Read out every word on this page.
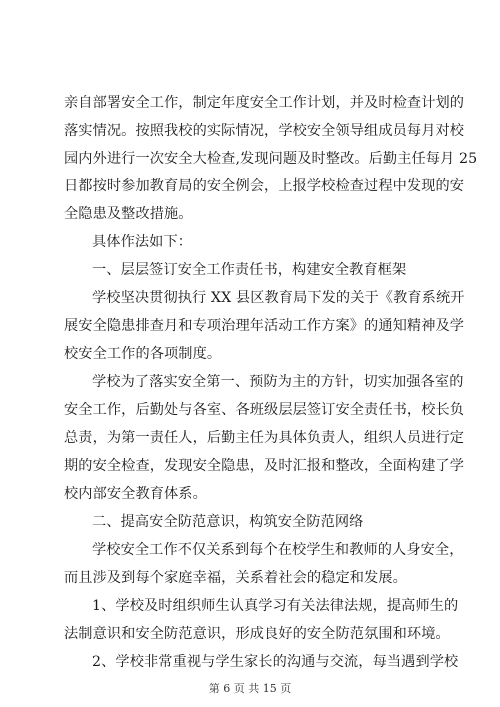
亲自部署安全工作，制定年度安全工作计划，并及时检查计划的
落实情况。按照我校的实际情况，学校安全领导组成员每月对校
园内外进行一次安全大检查,发现问题及时整改。后勤主任每月 25
日都按时参加教育局的安全例会，上报学校检查过程中发现的安
全隐患及整改措施。
具体作法如下：
一、层层签订安全工作责任书，构建安全教育框架
学校坚决贯彻执行 XX 县区教育局下发的关于《教育系统开
展安全隐患排查月和专项治理年活动工作方案》的通知精神及学
校安全工作的各项制度。
学校为了落实安全第一、预防为主的方针，切实加强各室的
安全工作，后勤处与各室、各班级层层签订安全责任书，校长负
总责，为第一责任人，后勤主任为具体负责人，组织人员进行定
期的安全检查，发现安全隐患，及时汇报和整改，全面构建了学
校内部安全教育体系。
二、提高安全防范意识，构筑安全防范网络
学校安全工作不仅关系到每个在校学生和教师的人身安全，
而且涉及到每个家庭幸福，关系着社会的稳定和发展。
1、学校及时组织师生认真学习有关法律法规，提高师生的
法制意识和安全防范意识，形成良好的安全防范氛围和环境。
2、学校非常重视与学生家长的沟通与交流，每当遇到学校
第 6 页 共 15 页
